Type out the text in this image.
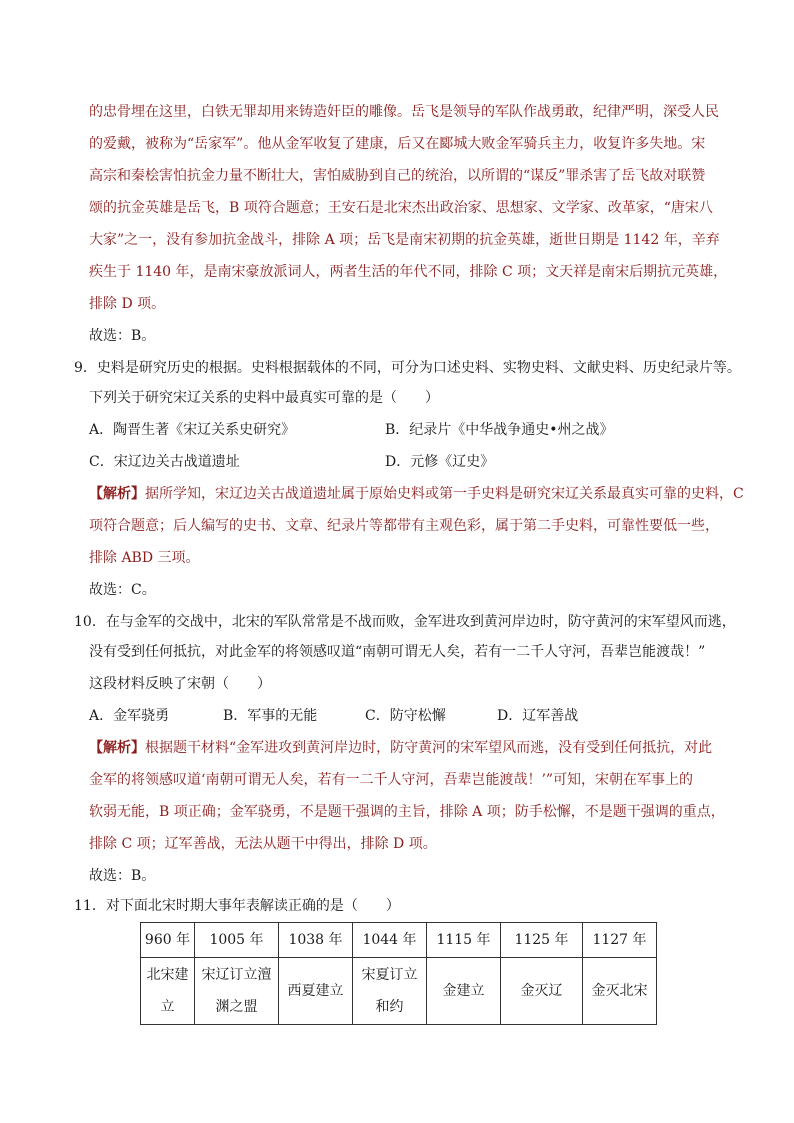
的忠骨埋在这里，白铁无罪却用来铸造奸臣的雕像。岳飞是领导的军队作战勇敢，纪律严明，深受人民
的爱戴，被称为“岳家军”。他从金军收复了建康，后又在郾城大败金军骑兵主力，收复许多失地。宋
高宗和秦桧害怕抗金力量不断壮大，害怕威胁到自己的统治，以所谓的“谋反”罪杀害了岳飞故对联赞
颂的抗金英雄是岳飞，B 项符合题意；王安石是北宋杰出政治家、思想家、文学家、改革家，“唐宋八
大家”之一，没有参加抗金战斗，排除 A 项；岳飞是南宋初期的抗金英雄，逝世日期是 1142 年，辛弃
疾生于 1140 年，是南宋豪放派词人，两者生活的年代不同，排除 C 项；文天祥是南宋后期抗元英雄，
排除 D 项。
故选：B。
9．史料是研究历史的根据。史料根据载体的不同，可分为口述史料、实物史料、文献史料、历史纪录片等。
下列关于研究宋辽关系的史料中最真实可靠的是（　　）
A．陶晋生著《宋辽关系史研究》	B．纪录片《中华战争通史•州之战》
C．宋辽边关古战道遗址	D．元修《辽史》
【解析】据所学知，宋辽边关古战道遗址属于原始史料或第一手史料是研究宋辽关系最真实可靠的史料，C
项符合题意；后人编写的史书、文章、纪录片等都带有主观色彩，属于第二手史料，可靠性要低一些，
排除 ABD 三项。
故选：C。
10．在与金军的交战中，北宋的军队常常是不战而败，金军进攻到黄河岸边时，防守黄河的宋军望风而逃，
没有受到任何抵抗，对此金军的将领感叹道“南朝可谓无人矣，若有一二千人守河，吾辈岂能渡哉！”
这段材料反映了宋朝（　　）
A．金军骁勇	B．军事的无能	C．防守松懈	D．辽军善战
【解析】根据题干材料“金军进攻到黄河岸边时，防守黄河的宋军望风而逃，没有受到任何抵抗，对此
金军的将领感叹道‘南朝可谓无人矣，若有一二千人守河，吾辈岂能渡哉！’”可知，宋朝在军事上的
软弱无能，B 项正确；金军骁勇，不是题干强调的主旨，排除 A 项；防手松懈，不是题干强调的重点，
排除 C 项；辽军善战，无法从题干中得出，排除 D 项。
故选：B。
11．对下面北宋时期大事年表解读正确的是（　　）
960 年	1005 年	1038 年	1044 年	1115 年	1125 年	1127 年
北宋建立	宋辽订立澶渊之盟	西夏建立	宋夏订立和约	金建立	金灭辽	金灭北宋
